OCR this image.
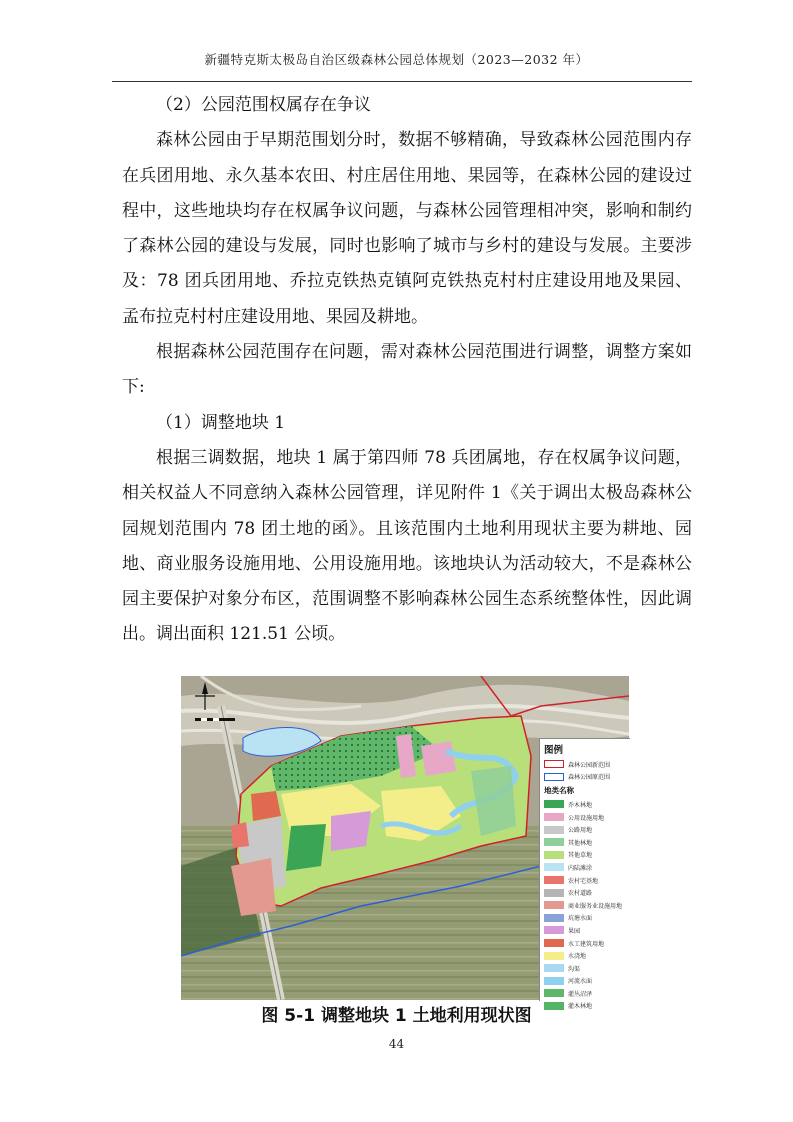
新疆特克斯太极岛自治区级森林公园总体规划（2023—2032 年）

（2）公园范围权属存在争议

森林公园由于早期范围划分时，数据不够精确，导致森林公园范围内存在兵团用地、永久基本农田、村庄居住用地、果园等，在森林公园的建设过程中，这些地块均存在权属争议问题，与森林公园管理相冲突，影响和制约了森林公园的建设与发展，同时也影响了城市与乡村的建设与发展。主要涉及：78 团兵团用地、乔拉克铁热克镇阿克铁热克村村庄建设用地及果园、孟布拉克村村庄建设用地、果园及耕地。

根据森林公园范围存在问题，需对森林公园范围进行调整，调整方案如下:

（1）调整地块 1

根据三调数据，地块 1 属于第四师 78 兵团属地，存在权属争议问题，相关权益人不同意纳入森林公园管理，详见附件 1《关于调出太极岛森林公园规划范围内 78 团土地的函》。且该范围内土地利用现状主要为耕地、园地、商业服务设施用地、公用设施用地。该地块认为活动较大，不是森林公园主要保护对象分布区，范围调整不影响森林公园生态系统整体性，因此调出。调出面积 121.51 公顷。

图例
森林公园新范围
森林公园原范围
地类名称
乔木林地
公用设施用地
公路用地
其他林地
其他草地
内陆滩涂
农村宅基地
农村道路
商业服务业设施用地
坑塘水面
果园
水工建筑用地
水浇地
沟渠
河流水面
灌丛沼泽
灌木林地
图 5-1 调整地块 1 土地利用现状图
44
